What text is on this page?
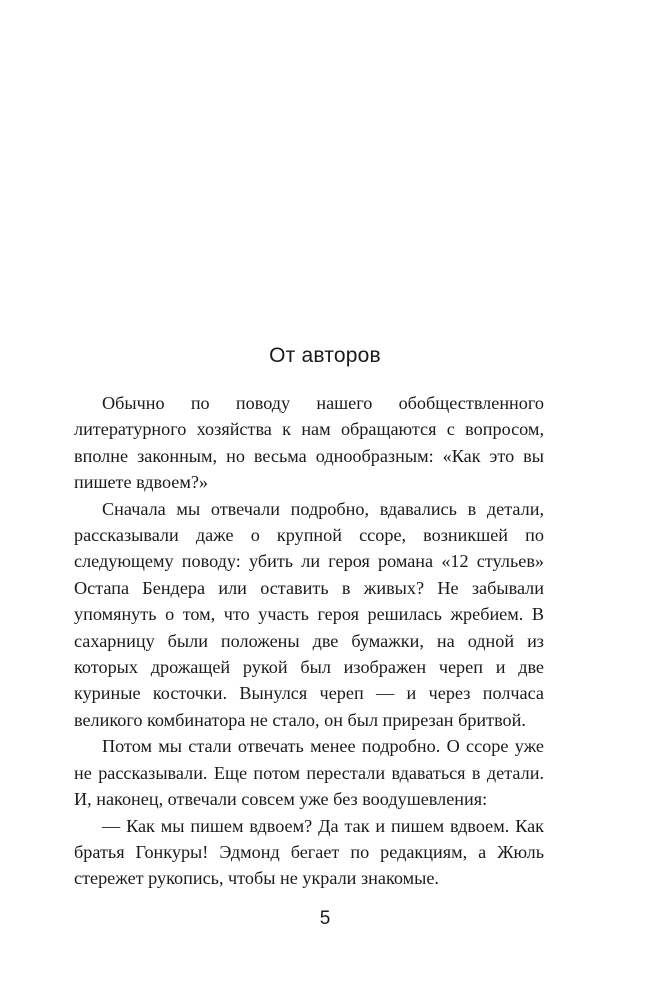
От авторов

Обычно по поводу нашего обобществленного литературного хозяйства к нам обращаются с вопросом, вполне законным, но весьма однообразным: «Как это вы пишете вдвоем?»

Сначала мы отвечали подробно, вдавались в детали, рассказывали даже о крупной ссоре, возникшей по следующему поводу: убить ли героя романа «12 стульев» Остапа Бендера или оставить в живых? Не забывали упомянуть о том, что участь героя решилась жребием. В сахарницу были положены две бумажки, на одной из которых дрожащей рукой был изображен череп и две куриные косточки. Вынулся череп — и через полчаса великого комбинатора не стало, он был прирезан бритвой.

Потом мы стали отвечать менее подробно. О ссоре уже не рассказывали. Еще потом перестали вдаваться в детали. И, наконец, отвечали совсем уже без воодушевления:

— Как мы пишем вдвоем? Да так и пишем вдвоем. Как братья Гонкуры! Эдмонд бегает по редакциям, а Жюль стережет рукопись, чтобы не украли знакомые.

5
